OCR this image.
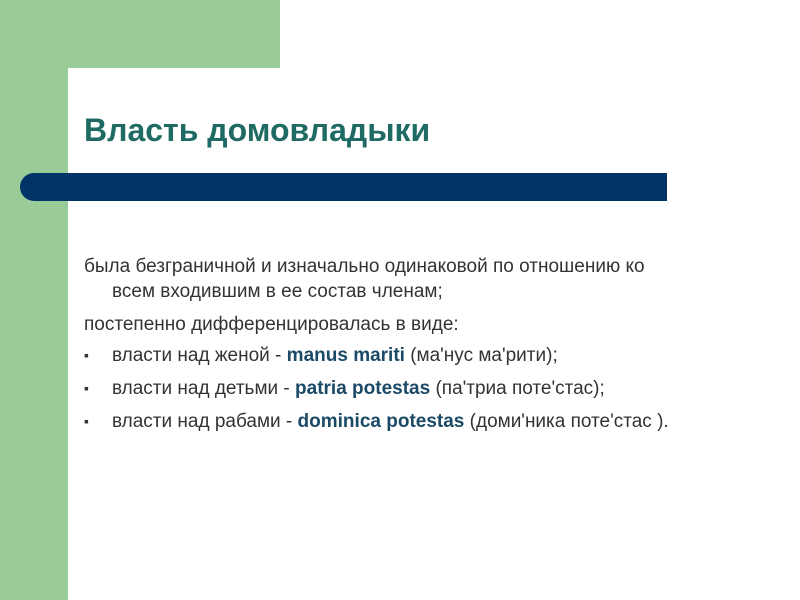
Власть домовладыки

была безграничной и изначально одинаковой по отношению ко всем входившим в ее состав членам;

постепенно дифференцировалась в виде:

▪ власти над женой - manus mariti (ма'нус ма'рити);
▪ власти над детьми - patria potestas (па'триа поте'стас);
▪ власти над рабами - dominica potestas (доми'ника поте'стас ).
